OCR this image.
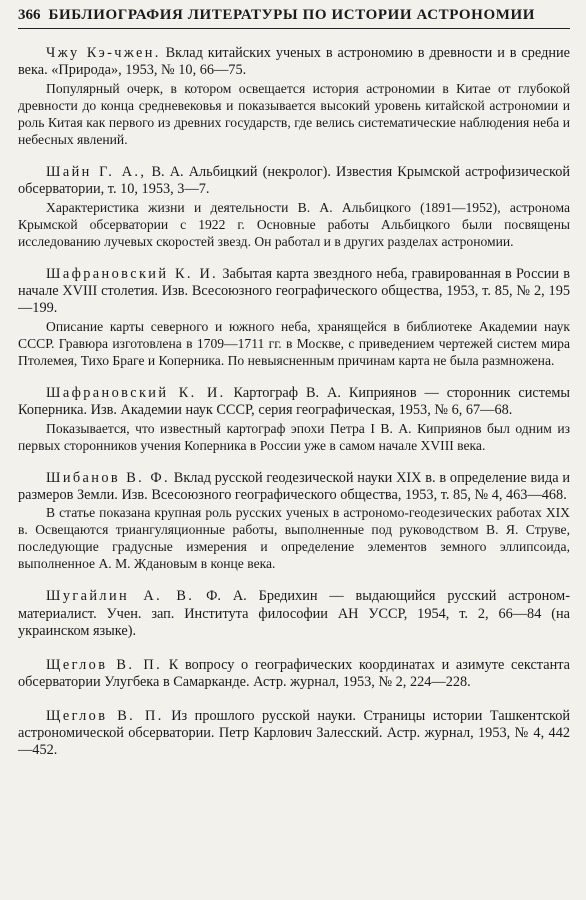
366 БИБЛИОГРАФИЯ ЛИТЕРАТУРЫ ПО ИСТОРИИ АСТРОНОМИИ

Чжу Кэ-чжен. Вклад китайских ученых в астрономию в древности и в средние века. «Природа», 1953, № 10, 66—75.

Популярный очерк, в котором освещается история астрономии в Китае от глубокой древности до конца средневековья и показывается высокий уровень китайской астрономии и роль Китая как первого из древних государств, где велись систематические наблюдения неба и небесных явлений.

Шайн Г. А., В. А. Альбицкий (некролог). Известия Крымской астрофизической обсерватории, т. 10, 1953, 3—7.

Характеристика жизни и деятельности В. А. Альбицкого (1891—1952), астронома Крымской обсерватории с 1922 г. Основные работы Альбицкого были посвящены исследованию лучевых скоростей звезд. Он работал и в других разделах астрономии.

Шафрановский К. И. Забытая карта звездного неба, гравированная в России в начале XVIII столетия. Изв. Всесоюзного географического общества, 1953, т. 85, № 2, 195—199.

Описание карты северного и южного неба, хранящейся в библиотеке Академии наук СССР. Гравюра изготовлена в 1709—1711 гг. в Москве, с приведением чертежей систем мира Птолемея, Тихо Браге и Коперника. По невыясненным причинам карта не была размножена.

Шафрановский К. И. Картограф В. А. Киприянов — сторонник системы Коперника. Изв. Академии наук СССР, серия географическая, 1953, № 6, 67—68.

Показывается, что известный картограф эпохи Петра I В. А. Киприянов был одним из первых сторонников учения Коперника в России уже в самом начале XVIII века.

Шибанов В. Ф. Вклад русской геодезической науки XIX в. в определение вида и размеров Земли. Изв. Всесоюзного географического общества, 1953, т. 85, № 4, 463—468.

В статье показана крупная роль русских ученых в астрономо-геодезических работах XIX в. Освещаются триангуляционные работы, выполненные под руководством В. Я. Струве, последующие градусные измерения и определение элементов земного эллипсоида, выполненное А. М. Ждановым в конце века.

Шугайлин А. В. Ф. А. Бредихин — выдающийся русский астроном-материалист. Учен. зап. Института философии АН УССР, 1954, т. 2, 66—84 (на украинском языке).

Щеглов В. П. К вопросу о географических координатах и азимуте секстанта обсерватории Улугбека в Самарканде. Астр. журнал, 1953, № 2, 224—228.

Щеглов В. П. Из прошлого русской науки. Страницы истории Ташкентской астрономической обсерватории. Петр Карлович Залесский. Астр. журнал, 1953, № 4, 442—452.
